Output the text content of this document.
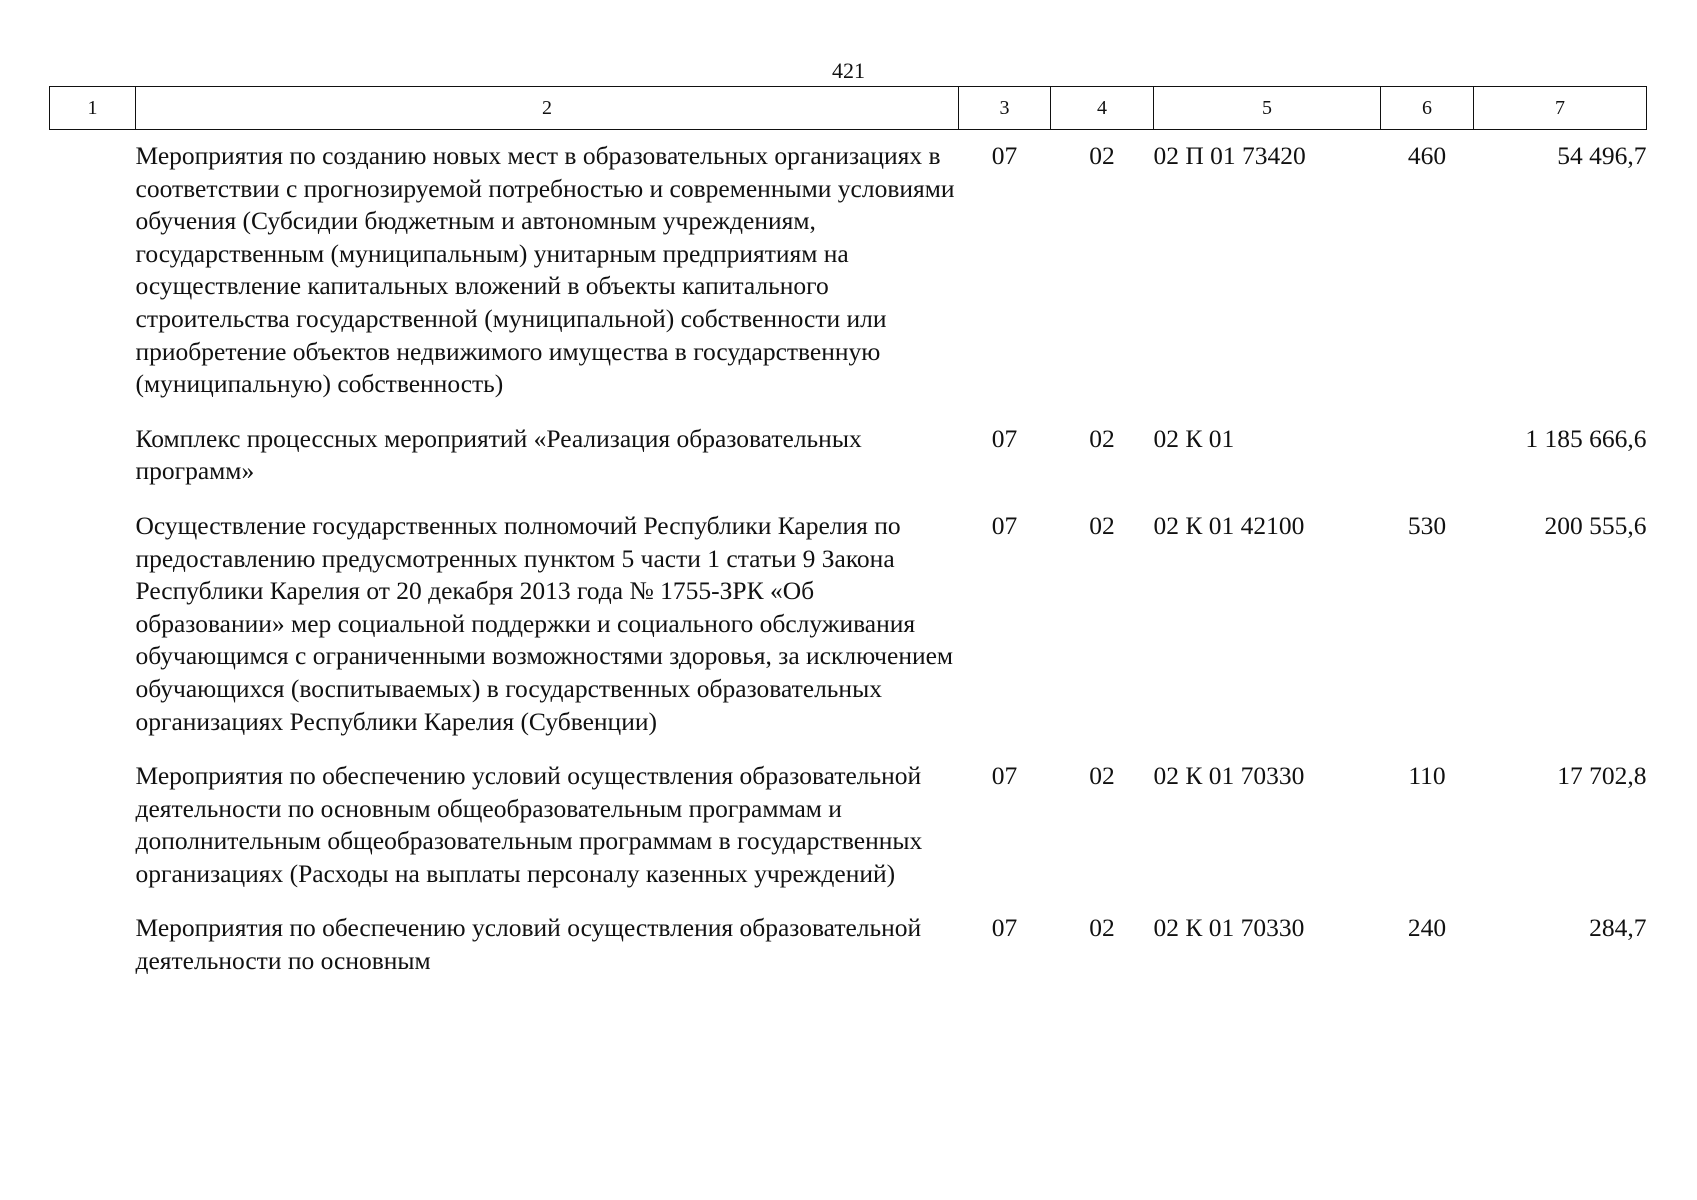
421
1	2	3	4	5	6	7
	Мероприятия по созданию новых мест в образовательных организациях в соответствии с прогнозируемой потребностью и современными условиями обучения (Субсидии бюджетным и автономным учреждениям, государственным (муниципальным) унитарным предприятиям на осуществление капитальных вложений в объекты капитального строительства государственной (муниципальной) собственности или приобретение объектов недвижимого имущества в государственную (муниципальную) собственность)	07	02	02 П 01 73420	460	54 496,7
	Комплекс процессных мероприятий «Реализация образовательных программ»	07	02	02 К 01		1 185 666,6
	Осуществление государственных полномочий Республики Карелия по предоставлению предусмотренных пунктом 5 части 1 статьи 9 Закона Республики Карелия от 20 декабря 2013 года № 1755-ЗРК «Об образовании» мер социальной поддержки и социального обслуживания обучающимся с ограниченными возможностями здоровья, за исключением обучающихся (воспитываемых) в государственных образовательных организациях Республики Карелия (Субвенции)	07	02	02 К 01 42100	530	200 555,6
	Мероприятия по обеспечению условий осуществления образовательной деятельности по основным общеобразовательным программам и дополнительным общеобразовательным программам в государственных организациях (Расходы на выплаты персоналу казенных учреждений)	07	02	02 К 01 70330	110	17 702,8
	Мероприятия по обеспечению условий осуществления образовательной деятельности по основным	07	02	02 К 01 70330	240	284,7
